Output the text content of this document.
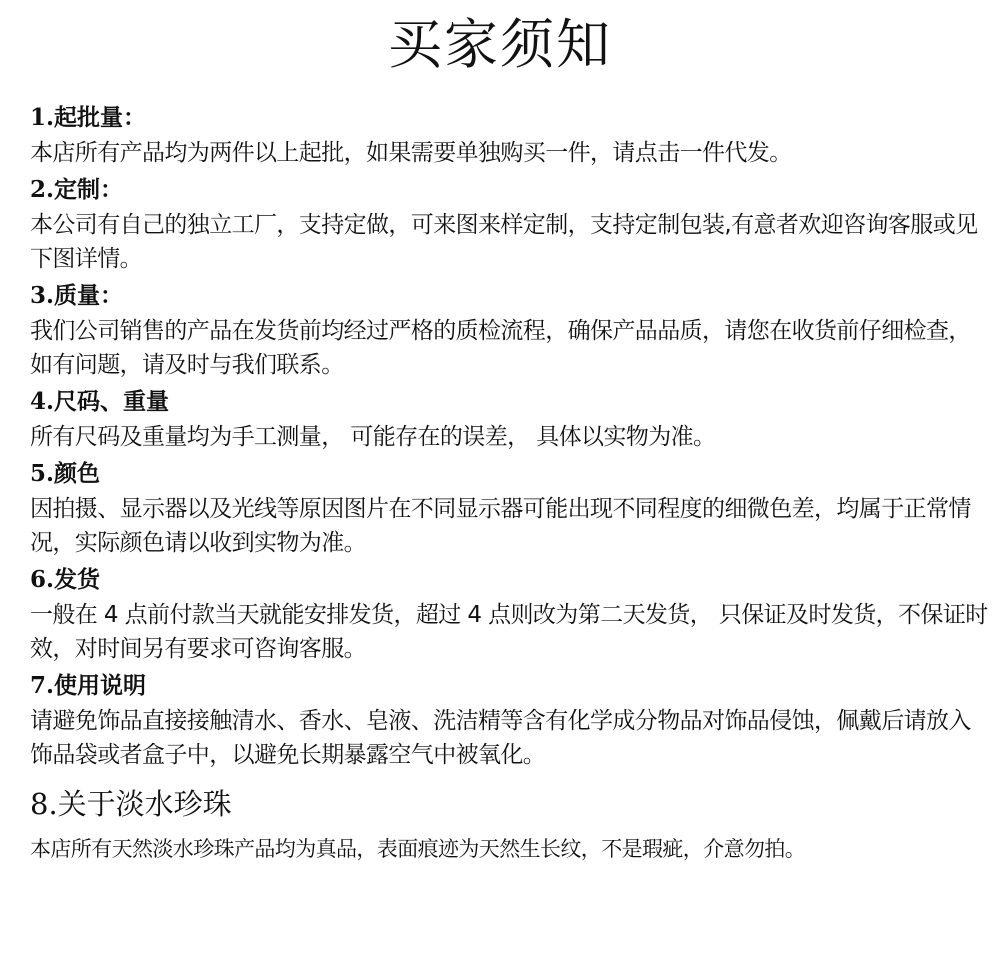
买家须知
1.起批量：
本店所有产品均为两件以上起批，如果需要单独购买一件，请点击一件代发。
2.定制：
本公司有自己的独立工厂，支持定做，可来图来样定制，支持定制包装,有意者欢迎咨询客服或见下图详情。
3.质量：
我们公司销售的产品在发货前均经过严格的质检流程，确保产品品质，请您在收货前仔细检查，如有问题，请及时与我们联系。
4.尺码、重量
所有尺码及重量均为手工测量， 可能存在的误差， 具体以实物为准。
5.颜色
因拍摄、显示器以及光线等原因图片在不同显示器可能出现不同程度的细微色差，均属于正常情况，实际颜色请以收到实物为准。
6.发货
一般在 4 点前付款当天就能安排发货，超过 4 点则改为第二天发货， 只保证及时发货，不保证时效，对时间另有要求可咨询客服。
7.使用说明
请避免饰品直接接触清水、香水、皂液、洗洁精等含有化学成分物品对饰品侵蚀，佩戴后请放入饰品袋或者盒子中，以避免长期暴露空气中被氧化。
8.关于淡水珍珠
本店所有天然淡水珍珠产品均为真品，表面痕迹为天然生长纹，不是瑕疵，介意勿拍。
